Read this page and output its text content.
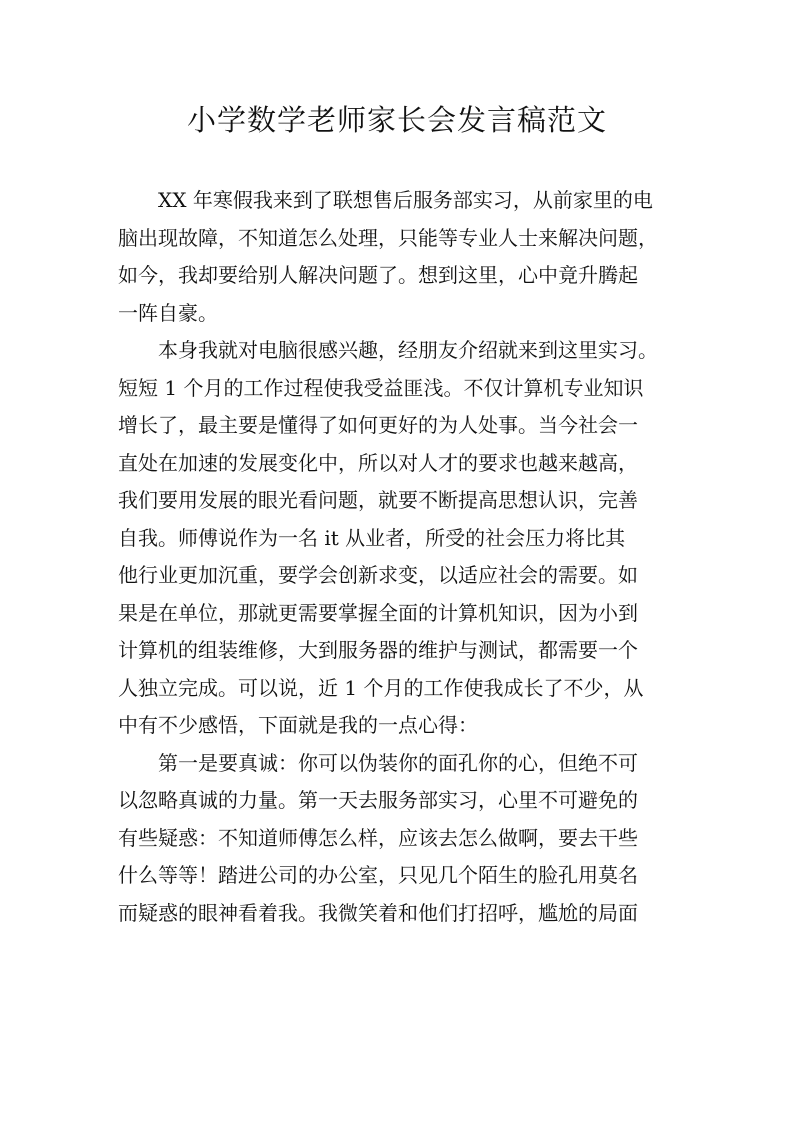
小学数学老师家长会发言稿范文
　　XX 年寒假我来到了联想售后服务部实习，从前家里的电
脑出现故障，不知道怎么处理，只能等专业人士来解决问题，
如今，我却要给别人解决问题了。想到这里，心中竟升腾起
一阵自豪。
　　本身我就对电脑很感兴趣，经朋友介绍就来到这里实习。
短短 1 个月的工作过程使我受益匪浅。不仅计算机专业知识
增长了，最主要是懂得了如何更好的为人处事。当今社会一
直处在加速的发展变化中，所以对人才的要求也越来越高，
我们要用发展的眼光看问题，就要不断提高思想认识，完善
自我。师傅说作为一名 it 从业者，所受的社会压力将比其
他行业更加沉重，要学会创新求变，以适应社会的需要。如
果是在单位，那就更需要掌握全面的计算机知识，因为小到
计算机的组装维修，大到服务器的维护与测试，都需要一个
人独立完成。可以说，近 1 个月的工作使我成长了不少，从
中有不少感悟，下面就是我的一点心得：
　　第一是要真诚：你可以伪装你的面孔你的心，但绝不可
以忽略真诚的力量。第一天去服务部实习，心里不可避免的
有些疑惑：不知道师傅怎么样，应该去怎么做啊，要去干些
什么等等！踏进公司的办公室，只见几个陌生的脸孔用莫名
而疑惑的眼神看着我。我微笑着和他们打招呼，尴尬的局面
